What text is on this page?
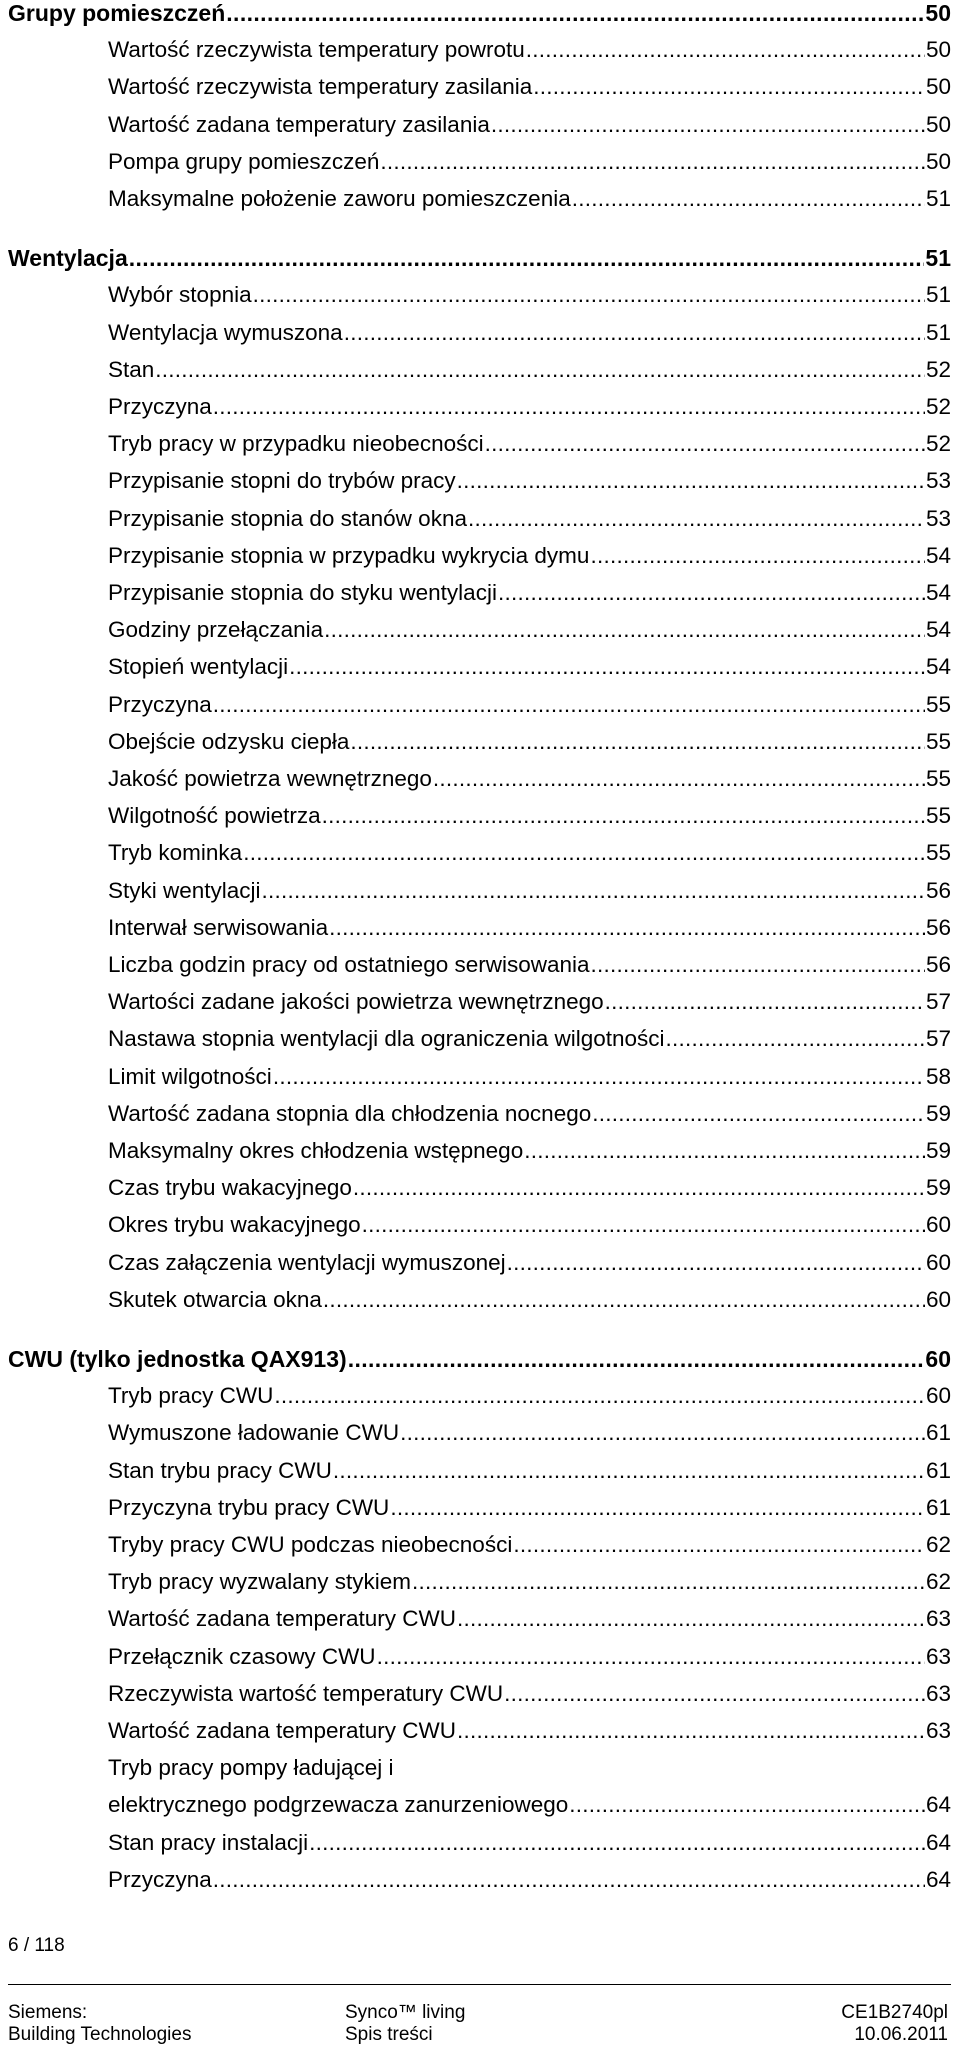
Grupy pomieszczeń . . .	50
Wartość rzeczywista temperatury powrotu . . .	50
Wartość rzeczywista temperatury zasilania . . .	50
Wartość zadana temperatury zasilania . . .	50
Pompa grupy pomieszczeń . . .	50
Maksymalne położenie zaworu pomieszczenia . . .	51
Wentylacja . . .	51
Wybór stopnia . . .	51
Wentylacja wymuszona . . .	51
Stan . . .	52
Przyczyna . . .	52
Tryb pracy w przypadku nieobecności . . .	52
Przypisanie stopni do trybów pracy . . .	53
Przypisanie stopnia do stanów okna . . .	53
Przypisanie stopnia w przypadku wykrycia dymu . . .	54
Przypisanie stopnia do styku wentylacji . . .	54
Godziny przełączania . . .	54
Stopień wentylacji . . .	54
Przyczyna . . .	55
Obejście odzysku ciepła . . .	55
Jakość powietrza wewnętrznego . . .	55
Wilgotność powietrza . . .	55
Tryb kominka . . .	55
Styki wentylacji . . .	56
Interwał serwisowania . . .	56
Liczba godzin pracy od ostatniego serwisowania . . .	56
Wartości zadane jakości powietrza wewnętrznego . . .	57
Nastawa stopnia wentylacji dla ograniczenia wilgotności . . .	57
Limit wilgotności . . .	58
Wartość zadana stopnia dla chłodzenia nocnego . . .	59
Maksymalny okres chłodzenia wstępnego . . .	59
Czas trybu wakacyjnego . . .	59
Okres trybu wakacyjnego . . .	60
Czas załączenia wentylacji wymuszonej . . .	60
Skutek otwarcia okna . . .	60
CWU (tylko jednostka QAX913) . . .	60
Tryb pracy CWU . . .	60
Wymuszone ładowanie CWU . . .	61
Stan trybu pracy CWU . . .	61
Przyczyna trybu pracy CWU . . .	61
Tryby pracy CWU podczas nieobecności . . .	62
Tryb pracy wyzwalany stykiem . . .	62
Wartość zadana temperatury CWU . . .	63
Przełącznik czasowy CWU . . .	63
Rzeczywista wartość temperatury CWU . . .	63
Wartość zadana temperatury CWU . . .	63
Tryb pracy pompy ładującej i
elektrycznego podgrzewacza zanurzeniowego . . .	64
Stan pracy instalacji . . .	64
Przyczyna . . .	64
6 / 118
Siemens:
Building Technologies
Synco™ living
Spis treści
CE1B2740pl
10.06.2011
